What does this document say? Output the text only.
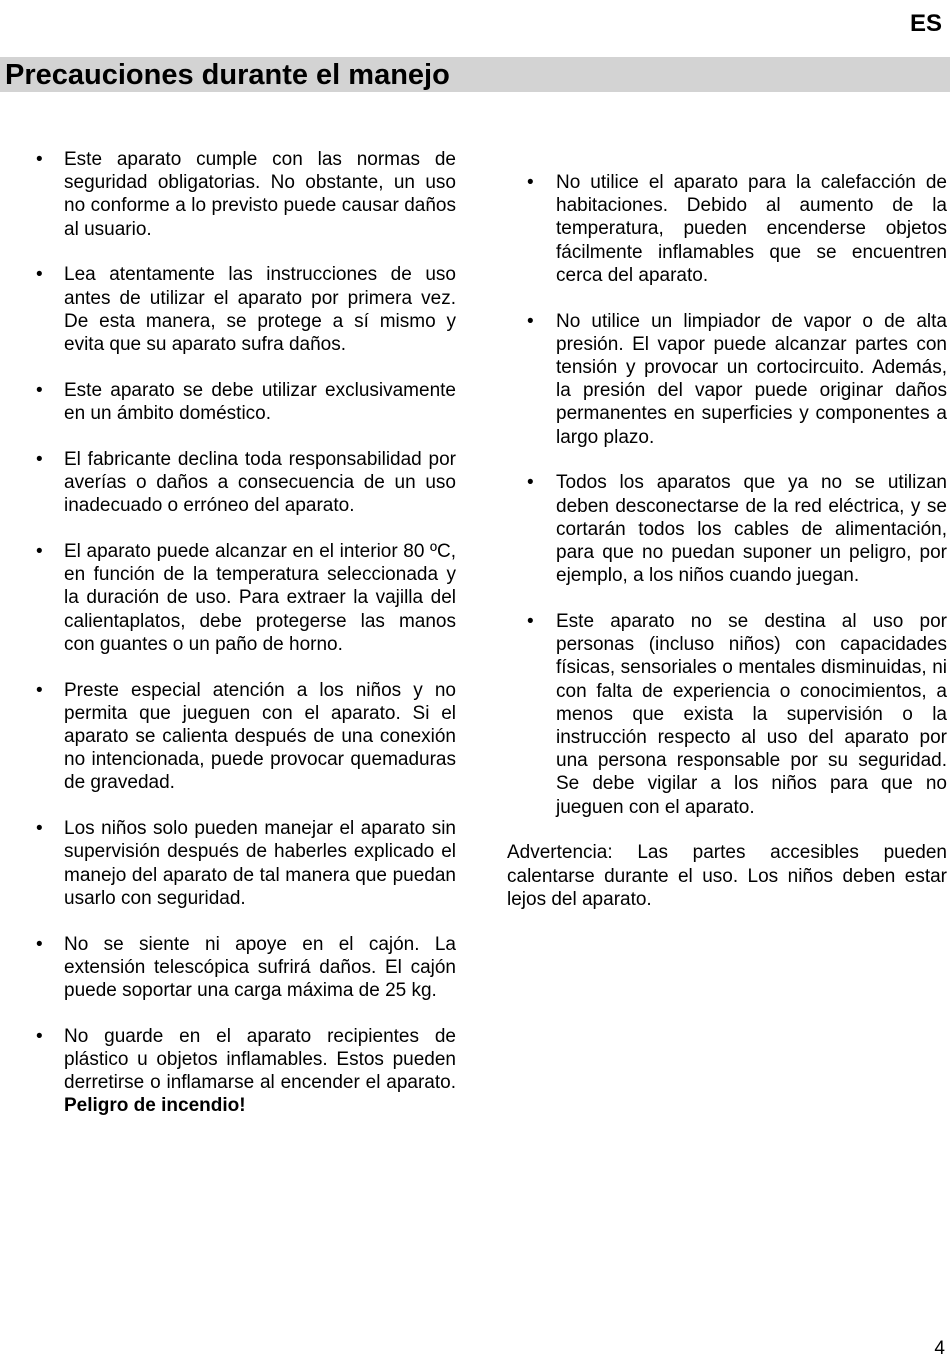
ES
Precauciones durante el manejo
• Este aparato cumple con las normas de seguridad obligatorias. No obstante, un uso no conforme a lo previsto puede causar daños al usuario.
• Lea atentamente las instrucciones de uso antes de utilizar el aparato por primera vez. De esta manera, se protege a sí mismo y evita que su aparato sufra daños.
• Este aparato se debe utilizar exclusivamente en un ámbito doméstico.
• El fabricante declina toda responsabilidad por averías o daños a consecuencia de un uso inadecuado o erróneo del aparato.
• El aparato puede alcanzar en el interior 80 ºC, en función de la temperatura seleccionada y la duración de uso. Para extraer la vajilla del calientaplatos, debe protegerse las manos con guantes o un paño de horno.
• Preste especial atención a los niños y no permita que jueguen con el aparato. Si el aparato se calienta después de una conexión no intencionada, puede provocar quemaduras de gravedad.
• Los niños solo pueden manejar el aparato sin supervisión después de haberles explicado el manejo del aparato de tal manera que puedan usarlo con seguridad.
• No se siente ni apoye en el cajón. La extensión telescópica sufrirá daños. El cajón puede soportar una carga máxima de 25 kg.
• No guarde en el aparato recipientes de plástico u objetos inflamables. Estos pueden derretirse o inflamarse al encender el aparato. Peligro de incendio!
• No utilice el aparato para la calefacción de habitaciones. Debido al aumento de la temperatura, pueden encenderse objetos fácilmente inflamables que se encuentren cerca del aparato.
• No utilice un limpiador de vapor o de alta presión. El vapor puede alcanzar partes con tensión y provocar un cortocircuito. Además, la presión del vapor puede originar daños permanentes en superficies y componentes a largo plazo.
• Todos los aparatos que ya no se utilizan deben desconectarse de la red eléctrica, y se cortarán todos los cables de alimentación, para que no puedan suponer un peligro, por ejemplo, a los niños cuando juegan.
• Este aparato no se destina al uso por personas (incluso niños) con capacidades físicas, sensoriales o mentales disminuidas, ni con falta de experiencia o conocimientos, a menos que exista la supervisión o la instrucción respecto al uso del aparato por una persona responsable por su seguridad. Se debe vigilar a los niños para que no jueguen con el aparato.

Advertencia: Las partes accesibles pueden calentarse durante el uso. Los niños deben estar lejos del aparato.

4
